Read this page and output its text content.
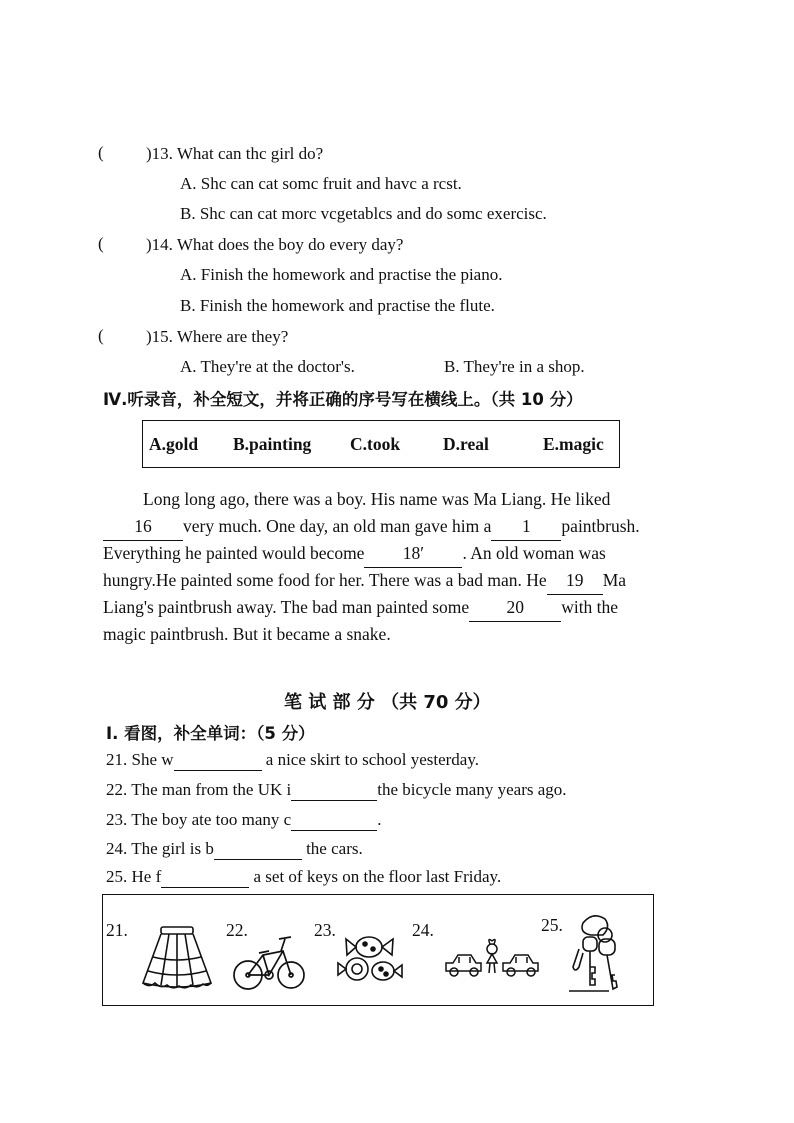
( )13. What can thc girl do?
A. Shc can cat somc fruit and havc a rcst.
B. Shc can cat morc vcgetablcs and do somc exercisc.
( )14. What does the boy do every day?
A. Finish the homework and practise the piano.
B. Finish the homework and practise the flute.
( )15. Where are they?
A. They're at the doctor's.	B. They're in a shop.
Ⅳ.听录音，补全短文，并将正确的序号写在横线上。（共 10 分）
A.gold B.painting C.took D.real	E.magic
Long long ago, there was a boy. His name was Ma Liang. He liked
16 very much. One day, an old man gave him a 1 paintbrush.
Everything he painted would become 18′ . An old woman was
hungry.He painted some food for her. There was a bad man. He 19 Ma
Liang's paintbrush away. The bad man painted some 20 with the
magic paintbrush. But it became a snake.
笔 试 部 分 （共 70 分）
Ⅰ. 看图，补全单词：（5 分）
21. She w	a nice skirt to school yesterday.
22. The man from the UK i	the bicycle many years ago.
23. The boy ate too many c	.
24. The girl is b	the cars.
25. He f	a set of keys on the floor last Friday.
21.	22.	23.	24.	25.
